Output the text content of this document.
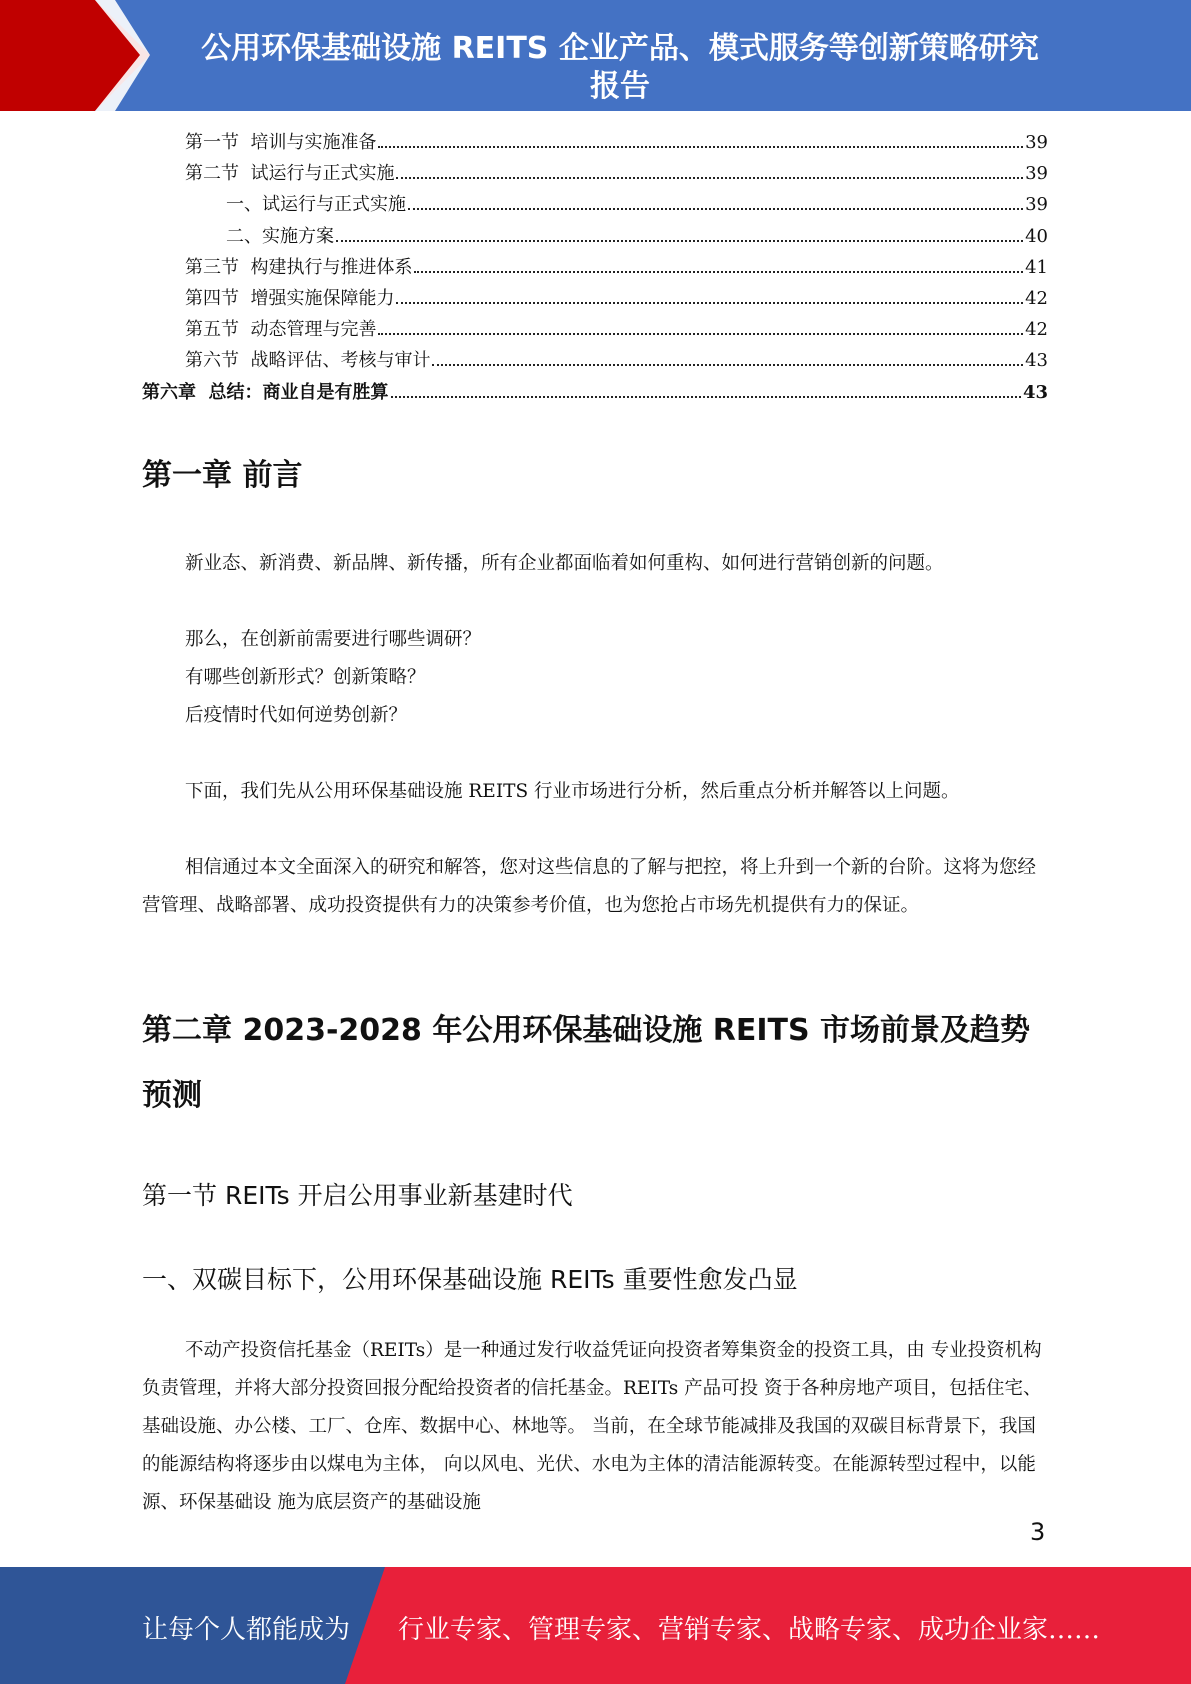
公用环保基础设施 REITS 企业产品、模式服务等创新策略研究
报告
第一节  培训与实施准备	39
第二节  试运行与正式实施	39
一、试运行与正式实施	39
二、实施方案	40
第三节  构建执行与推进体系	41
第四节  增强实施保障能力	42
第五节  动态管理与完善	42
第六节  战略评估、考核与审计	43
第六章  总结：商业自是有胜算	43
第一章 前言
新业态、新消费、新品牌、新传播，所有企业都面临着如何重构、如何进行营销创新的问题。
那么，在创新前需要进行哪些调研？
有哪些创新形式？创新策略？
后疫情时代如何逆势创新？
下面，我们先从公用环保基础设施 REITS 行业市场进行分析，然后重点分析并解答以上问题。
相信通过本文全面深入的研究和解答，您对这些信息的了解与把控，将上升到一个新的台阶。这将为您经营管理、战略部署、成功投资提供有力的决策参考价值，也为您抢占市场先机提供有力的保证。
第二章 2023-2028 年公用环保基础设施 REITS 市场前景及趋势
预测
第一节 REITs 开启公用事业新基建时代
一、双碳目标下，公用环保基础设施 REITs 重要性愈发凸显
不动产投资信托基金（REITs）是一种通过发行收益凭证向投资者筹集资金的投资工具，由 专业投资机构负责管理，并将大部分投资回报分配给投资者的信托基金。REITs 产品可投 资于各种房地产项目，包括住宅、基础设施、办公楼、工厂、仓库、数据中心、林地等。 当前，在全球节能减排及我国的双碳目标背景下，我国的能源结构将逐步由以煤电为主体， 向以风电、光伏、水电为主体的清洁能源转变。在能源转型过程中，以能源、环保基础设 施为底层资产的基础设施
3
让每个人都能成为 行业专家、管理专家、营销专家、战略专家、成功企业家……
